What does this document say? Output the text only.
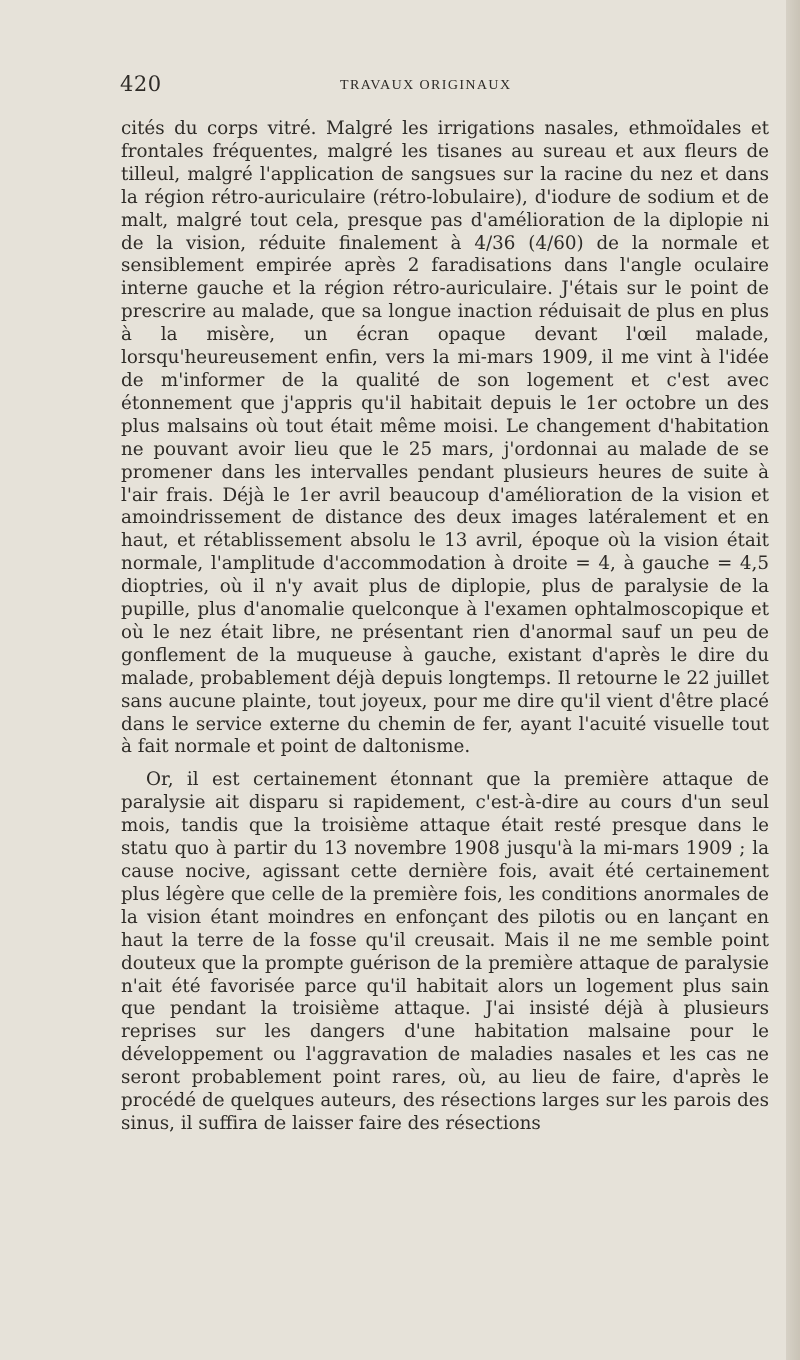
420	TRAVAUX ORIGINAUX

cités du corps vitré. Malgré les irrigations nasales, ethmoïdales et frontales fréquentes, malgré les tisanes au sureau et aux fleurs de tilleul, malgré l'application de sangsues sur la racine du nez et dans la région rétro-auriculaire (rétro-lobulaire), d'iodure de sodium et de malt, malgré tout cela, presque pas d'amélioration de la diplopie ni de la vision, réduite finalement à 4/36 (4/60) de la normale et sensiblement empirée après 2 faradisations dans l'angle oculaire interne gauche et la région rétro-auriculaire. J'étais sur le point de prescrire au malade, que sa longue inaction réduisait de plus en plus à la misère, un écran opaque devant l'œil malade, lorsqu'heureusement enfin, vers la mi-mars 1909, il me vint à l'idée de m'informer de la qualité de son logement et c'est avec étonnement que j'appris qu'il habitait depuis le 1er octobre un des plus malsains où tout était même moisi. Le changement d'habitation ne pouvant avoir lieu que le 25 mars, j'ordonnai au malade de se promener dans les intervalles pendant plusieurs heures de suite à l'air frais. Déjà le 1er avril beaucoup d'amélioration de la vision et amoindrissement de distance des deux images latéralement et en haut, et rétablissement absolu le 13 avril, époque où la vision était normale, l'amplitude d'accommodation à droite = 4, à gauche = 4,5 dioptries, où il n'y avait plus de diplopie, plus de paralysie de la pupille, plus d'anomalie quelconque à l'examen ophtalmoscopique et où le nez était libre, ne présentant rien d'anormal sauf un peu de gonflement de la muqueuse à gauche, existant d'après le dire du malade, probablement déjà depuis longtemps. Il retourne le 22 juillet sans aucune plainte, tout joyeux, pour me dire qu'il vient d'être placé dans le service externe du chemin de fer, ayant l'acuité visuelle tout à fait normale et point de daltonisme.

Or, il est certainement étonnant que la première attaque de paralysie ait disparu si rapidement, c'est-à-dire au cours d'un seul mois, tandis que la troisième attaque était resté presque dans le statu quo à partir du 13 novembre 1908 jusqu'à la mi-mars 1909 ; la cause nocive, agissant cette dernière fois, avait été certainement plus légère que celle de la première fois, les conditions anormales de la vision étant moindres en enfonçant des pilotis ou en lançant en haut la terre de la fosse qu'il creusait. Mais il ne me semble point douteux que la prompte guérison de la première attaque de paralysie n'ait été favorisée parce qu'il habitait alors un logement plus sain que pendant la troisième attaque. J'ai insisté déjà à plusieurs reprises sur les dangers d'une habitation malsaine pour le développement ou l'aggravation de maladies nasales et les cas ne seront probablement point rares, où, au lieu de faire, d'après le procédé de quelques auteurs, des résections larges sur les parois des sinus, il suffira de laisser faire des résections
